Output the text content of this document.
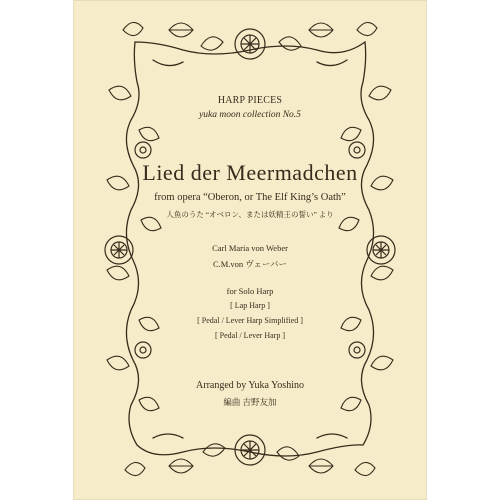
HARP PIECES
yuka moon collection No.5
Lied der Meermadchen
from opera “Oberon, or The Elf King’s Oath”
人魚のうた “オベロン、または妖精王の誓い” より
Carl Maria von Weber
C.M.von ヴェーバー
for Solo Harp
[ Lap Harp ]
[ Pedal / Lever Harp Simplified ]
[ Pedal / Lever Harp ]
Arranged by Yuka Yoshino
編曲 吉野友加
